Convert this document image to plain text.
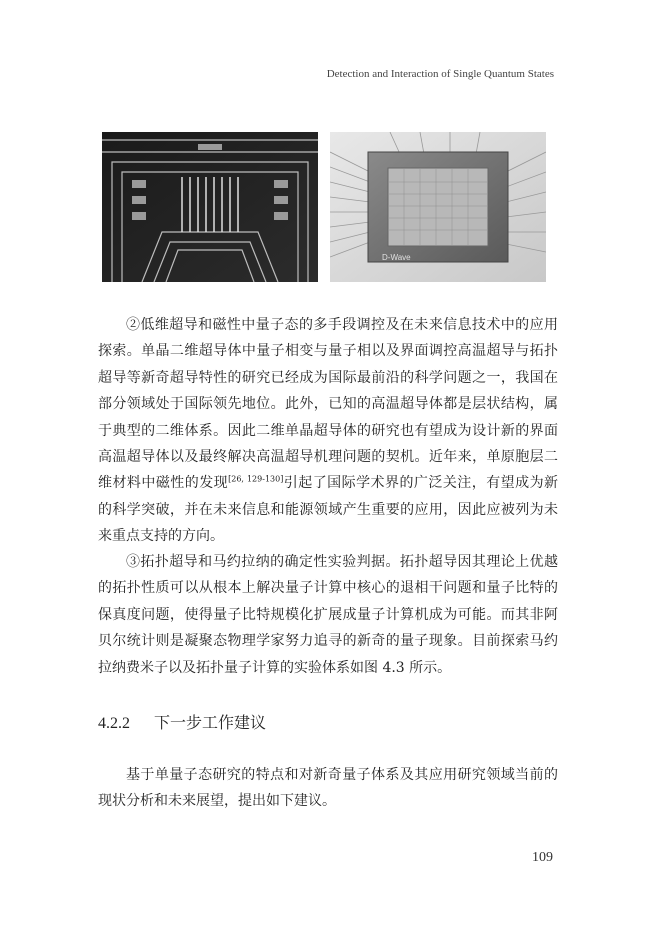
Detection and Interaction of Single Quantum States
D-Wave

②低维超导和磁性中量子态的多手段调控及在未来信息技术中的应用探索。单晶二维超导体中量子相变与量子相以及界面调控高温超导与拓扑超导等新奇超导特性的研究已经成为国际最前沿的科学问题之一，我国在部分领域处于国际领先地位。此外，已知的高温超导体都是层状结构，属于典型的二维体系。因此二维单晶超导体的研究也有望成为设计新的界面高温超导体以及最终解决高温超导机理问题的契机。近年来，单原胞层二维材料中磁性的发现[26, 129-130]引起了国际学术界的广泛关注，有望成为新的科学突破，并在未来信息和能源领域产生重要的应用，因此应被列为未来重点支持的方向。

③拓扑超导和马约拉纳的确定性实验判据。拓扑超导因其理论上优越的拓扑性质可以从根本上解决量子计算中核心的退相干问题和量子比特的保真度问题，使得量子比特规模化扩展成量子计算机成为可能。而其非阿贝尔统计则是凝聚态物理学家努力追寻的新奇的量子现象。目前探索马约拉纳费米子以及拓扑量子计算的实验体系如图 4.3 所示。

4.2.2 下一步工作建议

基于单量子态研究的特点和对新奇量子体系及其应用研究领域当前的现状分析和未来展望，提出如下建议。

109
